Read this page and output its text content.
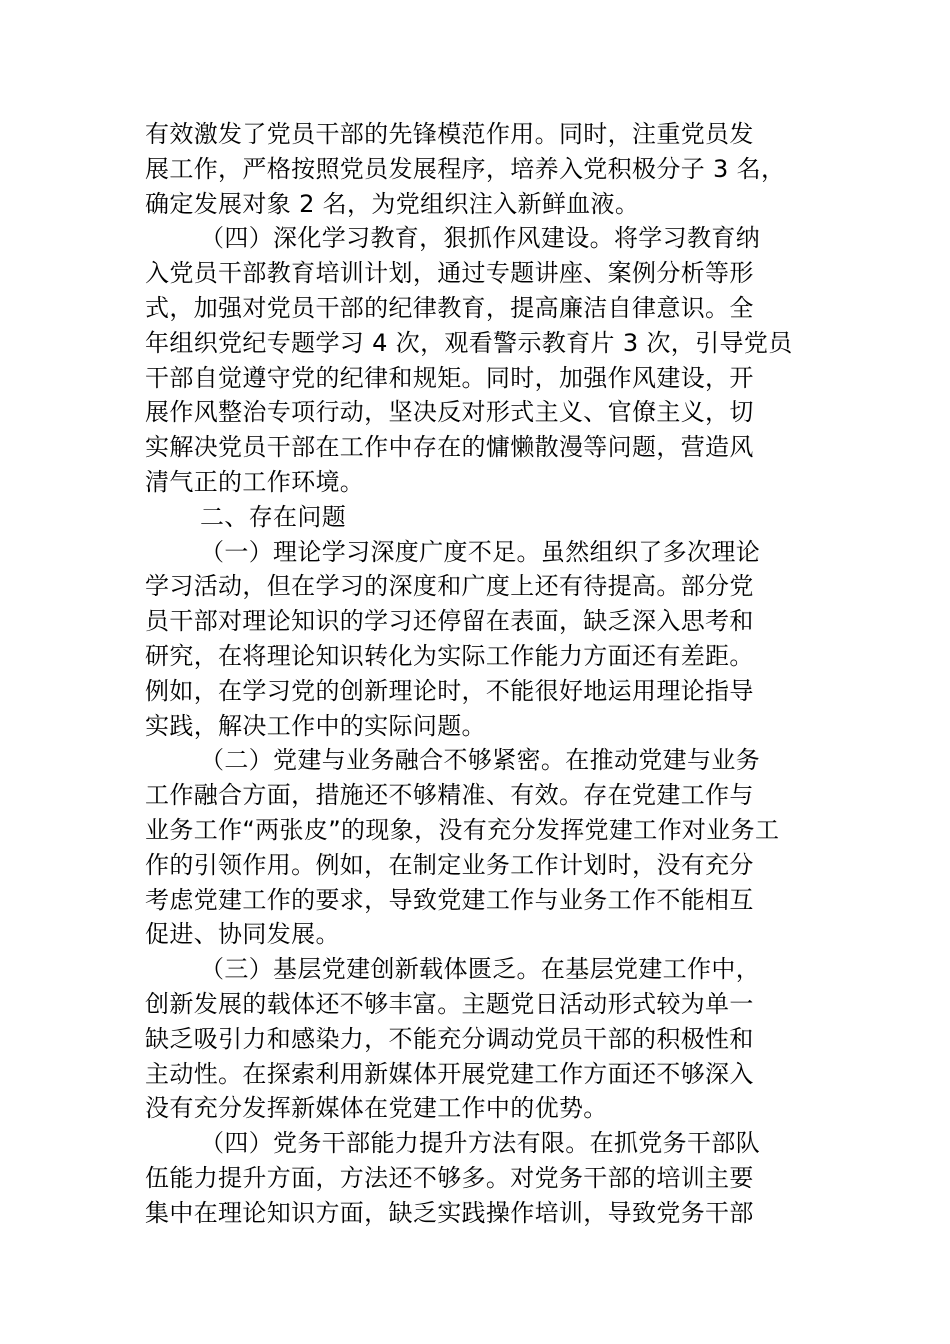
有效激发了党员干部的先锋模范作用。同时，注重党员发
展工作，严格按照党员发展程序，培养入党积极分子 3 名，
确定发展对象 2 名，为党组织注入新鲜血液。
（四）深化学习教育，狠抓作风建设。将学习教育纳
入党员干部教育培训计划，通过专题讲座、案例分析等形
式，加强对党员干部的纪律教育，提高廉洁自律意识。全
年组织党纪专题学习 4 次，观看警示教育片 3 次，引导党员
干部自觉遵守党的纪律和规矩。同时，加强作风建设，开
展作风整治专项行动，坚决反对形式主义、官僚主义，切
实解决党员干部在工作中存在的慵懒散漫等问题，营造风
清气正的工作环境。
二、存在问题
（一）理论学习深度广度不足。虽然组织了多次理论
学习活动，但在学习的深度和广度上还有待提高。部分党
员干部对理论知识的学习还停留在表面，缺乏深入思考和
研究，在将理论知识转化为实际工作能力方面还有差距。
例如，在学习党的创新理论时，不能很好地运用理论指导
实践，解决工作中的实际问题。
（二）党建与业务融合不够紧密。在推动党建与业务
工作融合方面，措施还不够精准、有效。存在党建工作与
业务工作“两张皮”的现象，没有充分发挥党建工作对业务工
作的引领作用。例如，在制定业务工作计划时，没有充分
考虑党建工作的要求，导致党建工作与业务工作不能相互
促进、协同发展。
（三）基层党建创新载体匮乏。在基层党建工作中，
创新发展的载体还不够丰富。主题党日活动形式较为单一
缺乏吸引力和感染力，不能充分调动党员干部的积极性和
主动性。在探索利用新媒体开展党建工作方面还不够深入
没有充分发挥新媒体在党建工作中的优势。
（四）党务干部能力提升方法有限。在抓党务干部队
伍能力提升方面，方法还不够多。对党务干部的培训主要
集中在理论知识方面，缺乏实践操作培训，导致党务干部
